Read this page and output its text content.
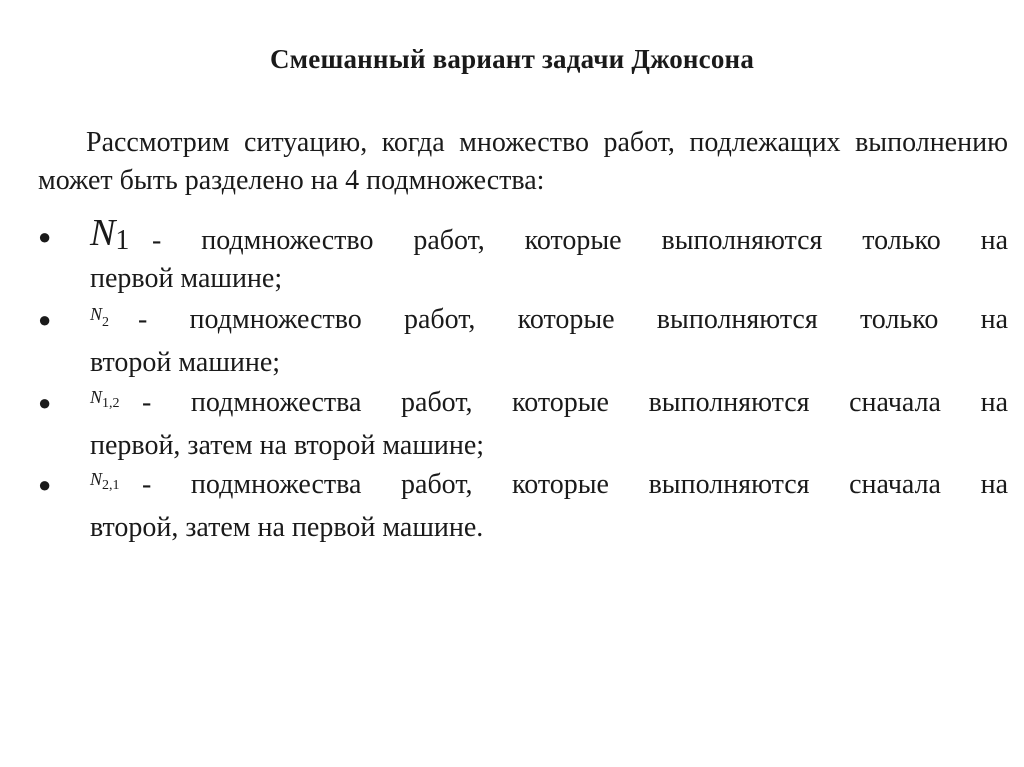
Смешанный вариант задачи Джонсона
Рассмотрим ситуацию, когда множество работ, подлежащих выполнению может быть разделено на 4 подмножества:
● N1 - подмножество работ, которые выполняются только на
первой машине;
● $^N$2 - подмножество работ, которые выполняются только на
второй машине;
● $^N$1,2 - подмножества работ, которые выполняются сначала на
первой, затем на второй машине;
● $^N$2,1 - подмножества работ, которые выполняются сначала на
второй, затем на первой машине.
